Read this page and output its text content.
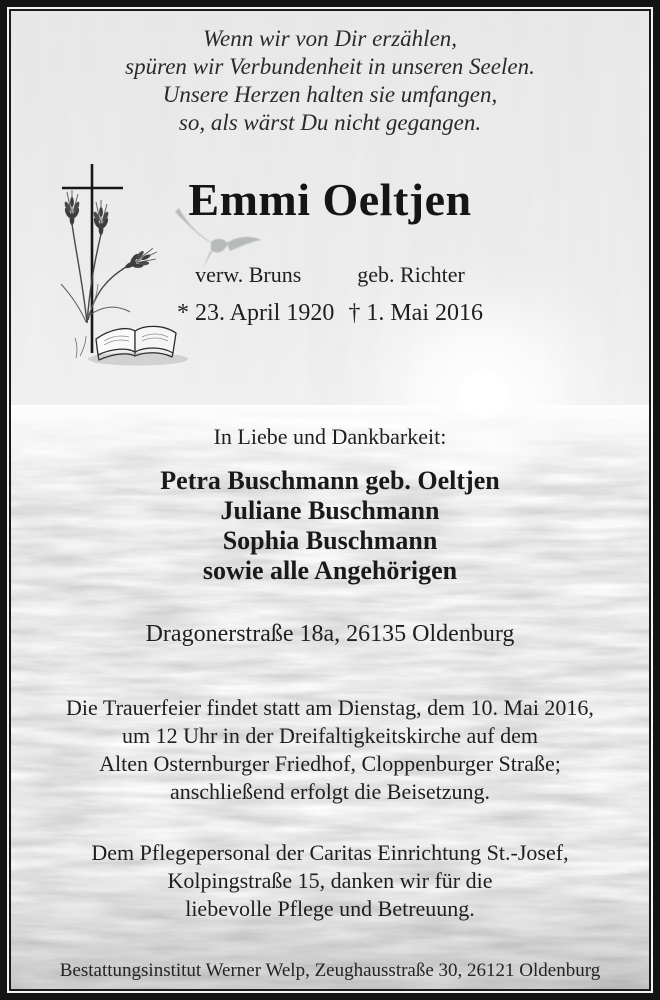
Wenn wir von Dir erzählen,
spüren wir Verbundenheit in unseren Seelen.
Unsere Herzen halten sie umfangen,
so, als wärst Du nicht gegangen.
Emmi Oeltjen
verw. Bruns	geb. Richter
* 23. April 1920 † 1. Mai 2016
In Liebe und Dankbarkeit:
Petra Buschmann geb. Oeltjen
Juliane Buschmann
Sophia Buschmann
sowie alle Angehörigen
Dragonerstraße 18a, 26135 Oldenburg
Die Trauerfeier findet statt am Dienstag, dem 10. Mai 2016,
um 12 Uhr in der Dreifaltigkeitskirche auf dem
Alten Osternburger Friedhof, Cloppenburger Straße;
anschließend erfolgt die Beisetzung.
Dem Pflegepersonal der Caritas Einrichtung St.-Josef,
Kolpingstraße 15, danken wir für die
liebevolle Pflege und Betreuung.
Bestattungsinstitut Werner Welp, Zeughausstraße 30, 26121 Oldenburg
